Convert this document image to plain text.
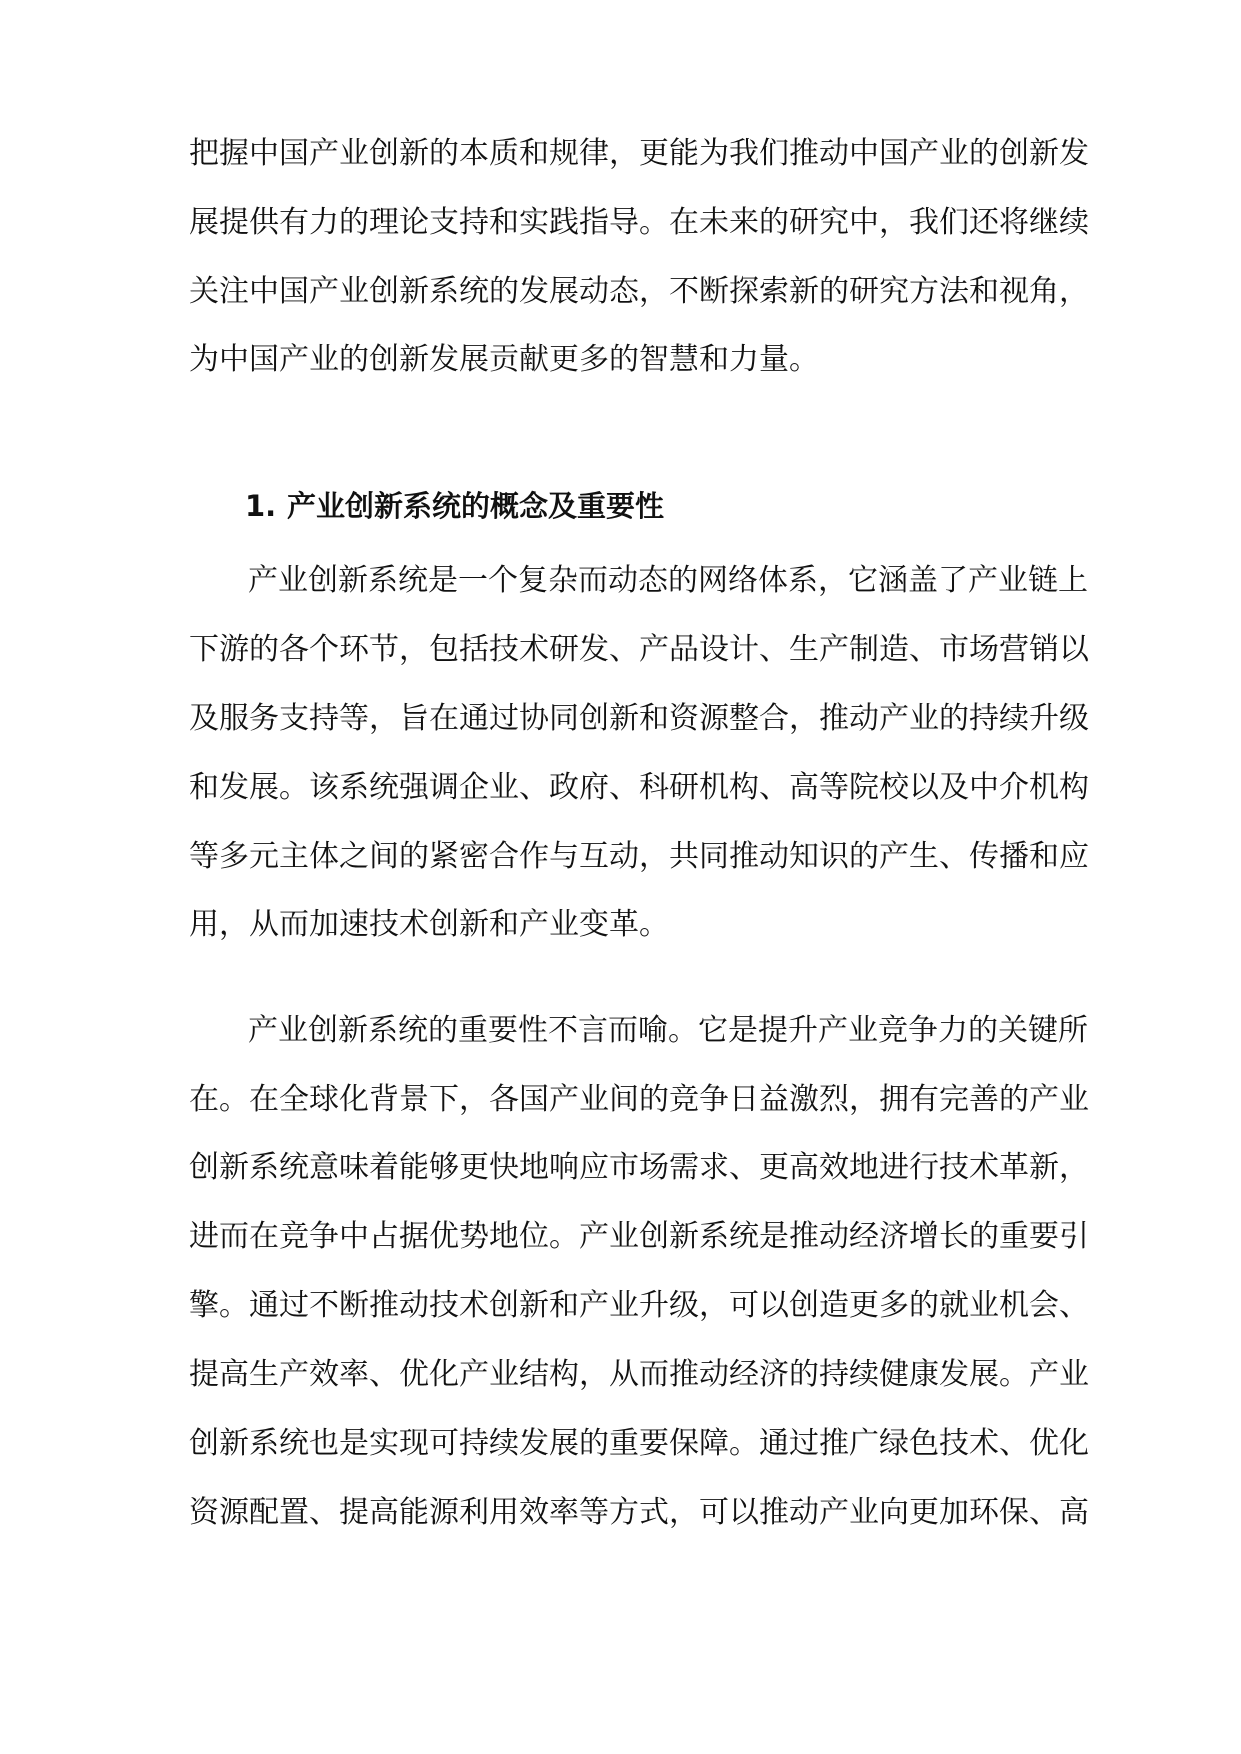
把握中国产业创新的本质和规律，更能为我们推动中国产业的创新发
展提供有力的理论支持和实践指导。在未来的研究中，我们还将继续
关注中国产业创新系统的发展动态，不断探索新的研究方法和视角，
为中国产业的创新发展贡献更多的智慧和力量。
1. 产业创新系统的概念及重要性
产业创新系统是一个复杂而动态的网络体系，它涵盖了产业链上
下游的各个环节，包括技术研发、产品设计、生产制造、市场营销以
及服务支持等，旨在通过协同创新和资源整合，推动产业的持续升级
和发展。该系统强调企业、政府、科研机构、高等院校以及中介机构
等多元主体之间的紧密合作与互动，共同推动知识的产生、传播和应
用，从而加速技术创新和产业变革。
产业创新系统的重要性不言而喻。它是提升产业竞争力的关键所
在。在全球化背景下，各国产业间的竞争日益激烈，拥有完善的产业
创新系统意味着能够更快地响应市场需求、更高效地进行技术革新，
进而在竞争中占据优势地位。产业创新系统是推动经济增长的重要引
擎。通过不断推动技术创新和产业升级，可以创造更多的就业机会、
提高生产效率、优化产业结构，从而推动经济的持续健康发展。产业
创新系统也是实现可持续发展的重要保障。通过推广绿色技术、优化
资源配置、提高能源利用效率等方式，可以推动产业向更加环保、高
